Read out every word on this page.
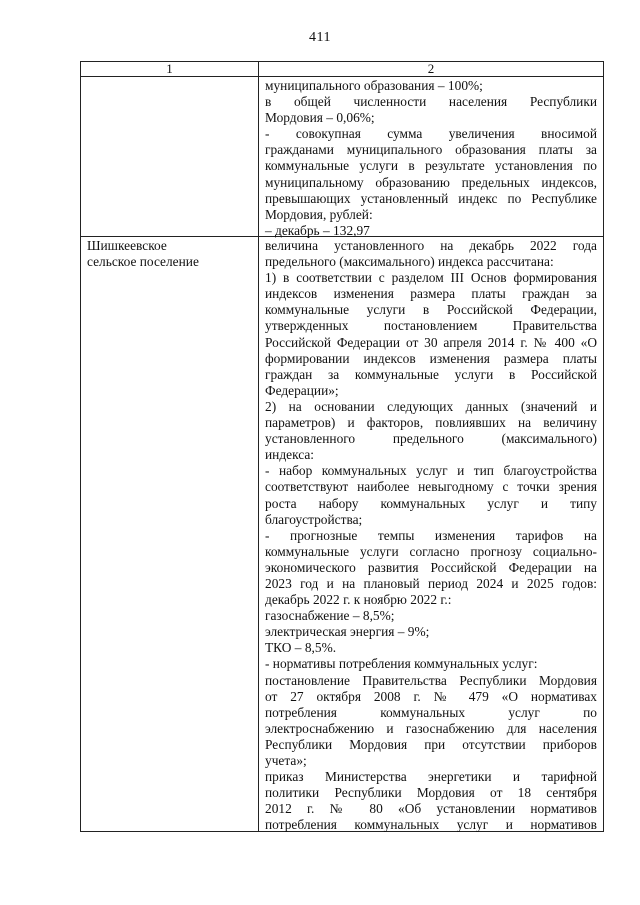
411
1	2
муниципального образования – 100%;
в общей численности населения Республики
Мордовия – 0,06%;
- совокупная сумма увеличения вносимой
гражданами муниципального образования платы за
коммунальные услуги в результате установления по
муниципальному образованию предельных индексов,
превышающих установленный индекс по Республике
Мордовия, рублей:
– декабрь – 132,97
Шишкеевское
сельское поселение
величина установленного на декабрь 2022 года
предельного (максимального) индекса рассчитана:
1) в соответствии с разделом III Основ формирования
индексов изменения размера платы граждан за
коммунальные услуги в Российской Федерации,
утвержденных постановлением Правительства
Российской Федерации от 30 апреля 2014 г. № 400 «О
формировании индексов изменения размера платы
граждан за коммунальные услуги в Российской
Федерации»;
2) на основании следующих данных (значений и
параметров) и факторов, повлиявших на величину
установленного предельного (максимального)
индекса:
- набор коммунальных услуг и тип благоустройства
соответствуют наиболее невыгодному с точки зрения
роста набору коммунальных услуг и типу
благоустройства;
- прогнозные темпы изменения тарифов на
коммунальные услуги согласно прогнозу социально-
экономического развития Российской Федерации на
2023 год и на плановый период 2024 и 2025 годов:
декабрь 2022 г. к ноябрю 2022 г.:
газоснабжение – 8,5%;
электрическая энергия – 9%;
ТКО – 8,5%.
- нормативы потребления коммунальных услуг:
постановление Правительства Республики Мордовия
от 27 октября 2008 г. № 479 «О нормативах
потребления коммунальных услуг по
электроснабжению и газоснабжению для населения
Республики Мордовия при отсутствии приборов
учета»;
приказ Министерства энергетики и тарифной
политики Республики Мордовия от 18 сентября
2012 г. № 80 «Об установлении нормативов
потребления коммунальных услуг и нормативов
